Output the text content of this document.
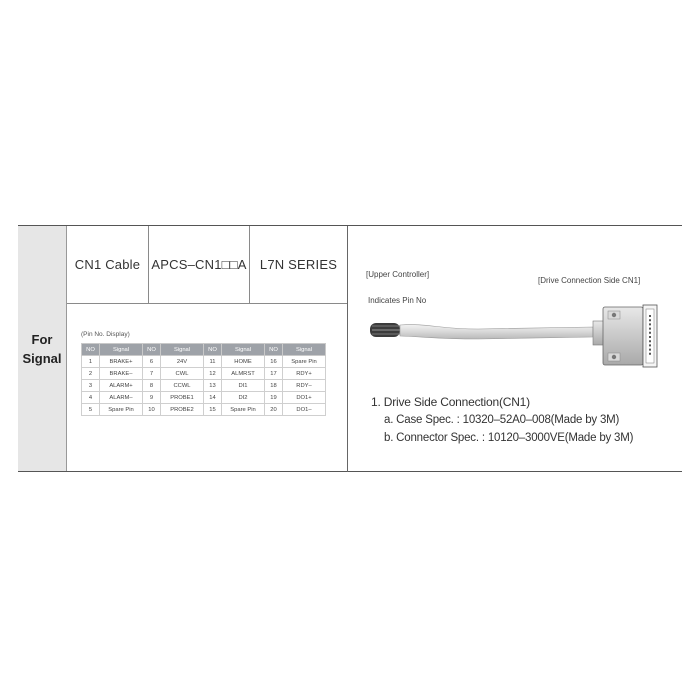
For
Signal
CN1 Cable APCS–CN1□□A	L7N SERIES
(Pin No. Display)
NO	Signal	NO	Signal	NO	Signal	NO	Signal
1	BRAKE+	6	24V	11	HOME	16	Spare Pin
2	BRAKE–	7	CWL	12	ALMRST	17	RDY+
3	ALARM+	8	CCWL	13	DI1	18	RDY–
4	ALARM–	9	PROBE1	14	DI2	19	DO1+
5	Spare Pin	10	PROBE2	15	Spare Pin	20	DO1–
[Upper Controller]
[Drive Connection Side CN1]
Indicates Pin No
1. Drive Side Connection(CN1)
a. Case Spec. : 10320–52A0–008(Made by 3M)
b. Connector Spec. : 10120–3000VE(Made by 3M)
